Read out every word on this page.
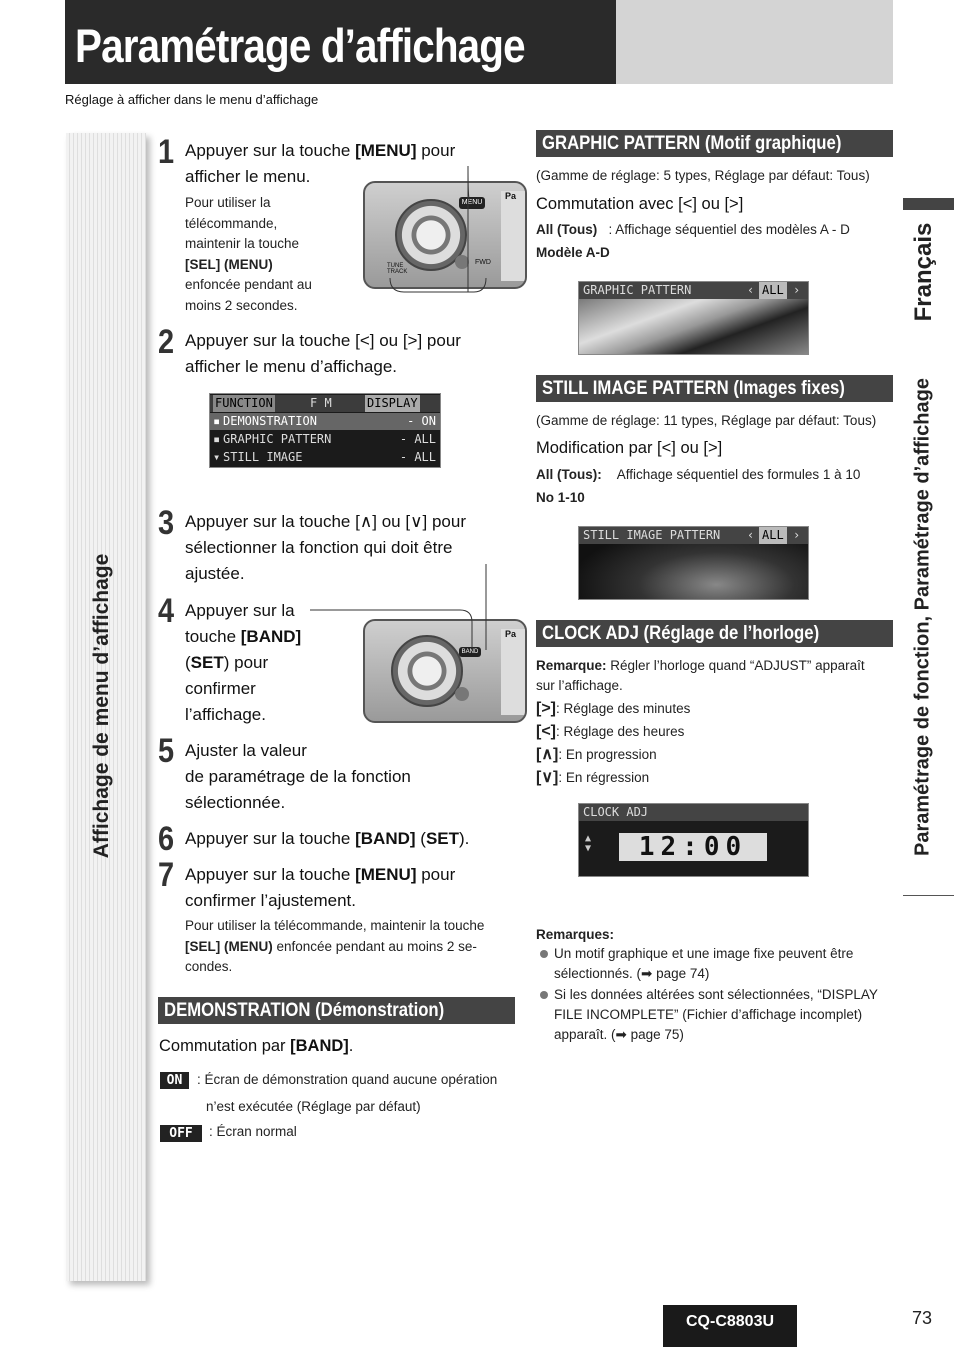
Paramétrage d’affichage
Réglage à afficher dans le menu d’affichage
Affichage de menu d’affichage
1 Appuyer sur la touche [MENU] pour
afficher le menu.
Pour utiliser la
télécommande,
maintenir la touche
[SEL] (MENU)
enfoncée pendant au
moins 2 secondes.
MENU
FWD
TUNE TRACK
Pa
2 Appuyer sur la touche [<] ou [>] pour
afficher le menu d’affichage.
FUNCTION	F M	DISPLAY
▪ DEMONSTRATION	- ON
▪ GRAPHIC PATTERN	- ALL
▾ STILL IMAGE	- ALL
3 Appuyer sur la touche [∧] ou [∨] pour
sélectionner la fonction qui doit être
ajustée.
4 Appuyer sur la
touche [BAND]
(SET) pour
confirmer
l’affichage.
BAND
Pa
5 Ajuster la valeur
de paramétrage de la fonction
sélectionnée.
6 Appuyer sur la touche [BAND] (SET).
7 Appuyer sur la touche [MENU] pour
confirmer l’ajustement.
Pour utiliser la télécommande, maintenir la touche
[SEL] (MENU) enfoncée pendant au moins 2 se-
condes.
DEMONSTRATION (Démonstration)
Commutation par [BAND].
ON	: Écran de démonstration quand aucune opération
n’est exécutée (Réglage par défaut)
OFF	: Écran normal
GRAPHIC PATTERN (Motif graphique)
(Gamme de réglage: 5 types, Réglage par défaut: Tous)
Commutation avec [<] ou [>]
All (Tous) : Affichage séquentiel des modèles A - D
Modèle A-D
GRAPHIC PATTERN	‹ ALL ›
STILL IMAGE PATTERN (Images fixes)
(Gamme de réglage: 11 types, Réglage par défaut: Tous)
Modification par [<] ou [>]
All (Tous): Affichage séquentiel des formules 1 à 10
No 1-10
STILL IMAGE PATTERN ‹ ALL ›
CLOCK ADJ (Réglage de l’horloge)
Remarque: Régler l’horloge quand “ADJUST” apparaît
sur l’affichage.
[>]: Réglage des minutes
[<]: Réglage des heures
[∧]: En progression
[∨]: En régression
CLOCK ADJ
▲
▼	12:00
Remarques:
Un motif graphique et une image fixe peuvent être
sélectionnés. (➡ page 74)
Si les données altérées sont sélectionnées, “DISPLAY
FILE INCOMPLETE” (Fichier d’affichage incomplet)
apparaît. (➡ page 75)
Français
Paramétrage de fonction, Paramétrage d’affichage
CQ-C8803U	73
